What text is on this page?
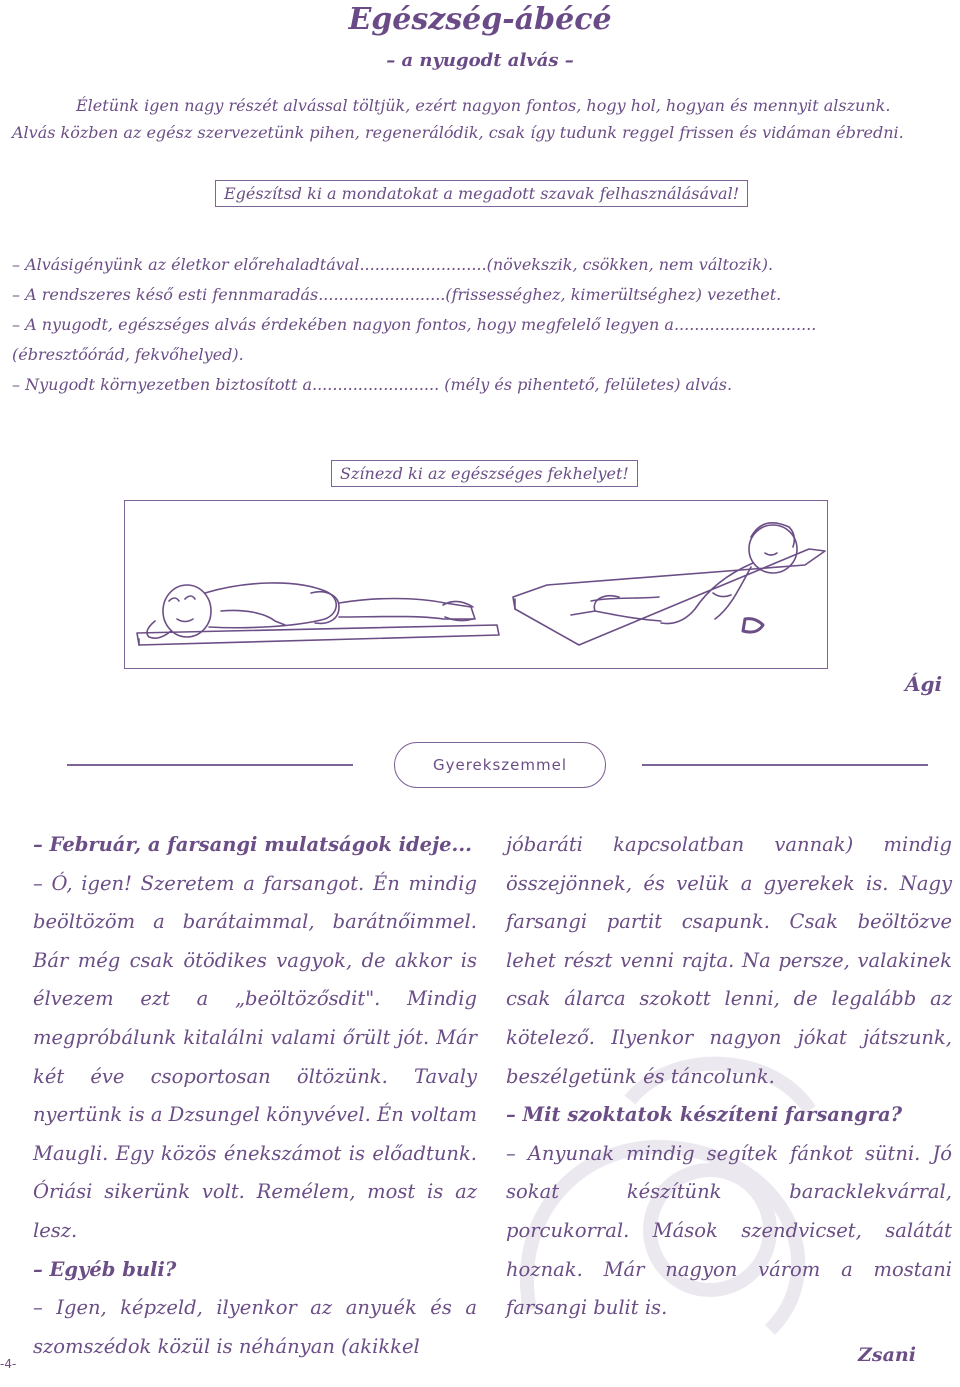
Egészség-ábécé
– a nyugodt alvás –

Életünk igen nagy részét alvással töltjük, ezért nagyon fontos, hogy hol, hogyan és mennyit alszunk.

Alvás közben az egész szervezetünk pihen, regenerálódik, csak így tudunk reggel frissen és vidáman ébredni.

Egészítsd ki a mondatokat a megadott szavak felhasználásával!

– Alvásigényünk az életkor előrehaladtával.........................(növekszik, csökken, nem változik).

– A rendszeres késő esti fennmaradás.........................(frissességhez, kimerültséghez) vezethet.

– A nyugodt, egészséges alvás érdekében nagyon fontos, hogy megfelelő legyen a............................

(ébresztőórád, fekvőhelyed).

– Nyugodt környezetben biztosított a......................... (mély és pihentető, felületes) alvás.

Színezd ki az egészséges fekhelyet!
Ági
Gyerekszemmel

– Február, a farsangi mulatságok ideje...

– Ó, igen! Szeretem a farsangot. Én mindig beöltözöm a barátaimmal, barátnőimmel. Bár még csak ötödikes vagyok, de akkor is élvezem ezt a „beöltözősdit". Mindig megpróbálunk kitalálni valami őrült jót. Már két éve csoportosan öltözünk. Tavaly nyertünk is a Dzsungel könyvével. Én voltam Maugli. Egy közös énekszámot is előadtunk. Óriási sikerünk volt. Remélem, most is az lesz.

– Egyéb buli?

– Igen, képzeld, ilyenkor az anyuék és a szomszédok közül is néhányan (akikkel

jóbaráti kapcsolatban vannak) mindig összejönnek, és velük a gyerekek is. Nagy farsangi partit csapunk. Csak beöltözve lehet részt venni rajta. Na persze, valakinek csak álarca szokott lenni, de legalább az kötelező. Ilyenkor nagyon jókat játszunk, beszélgetünk és táncolunk.

– Mit szoktatok készíteni farsangra?

– Anyunak mindig segítek fánkot sütni. Jó sokat készítünk baracklekvárral, porcukorral. Mások szendvicset, salátát hoznak. Már nagyon várom a mostani farsangi bulit is.

-4-	Zsani
